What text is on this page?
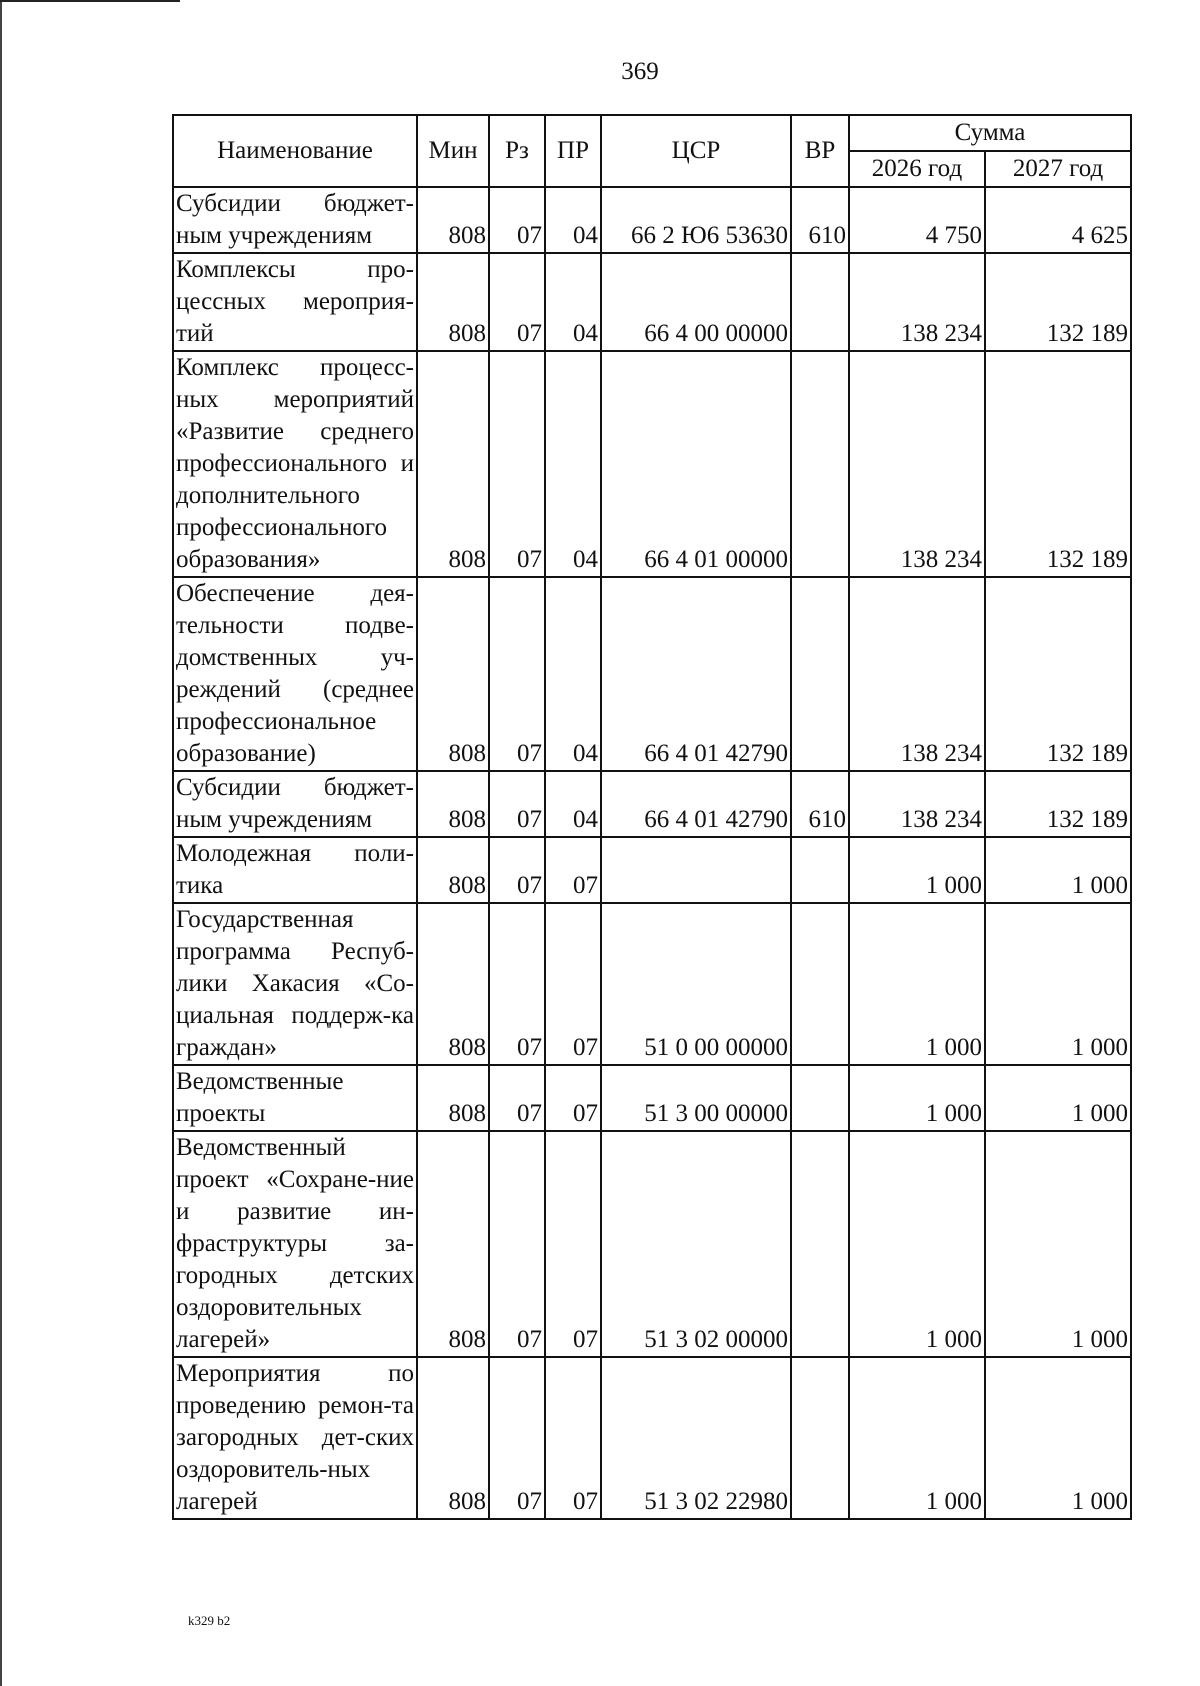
369
Наименование	Мин	Рз	ПР	ЦСР	ВР	Сумма	
						2026 год	2027 год
Субсидии бюджет-ным учреждениям	808	07	04	66 2 Ю6 53630	610	4 750	4 625
Комплексы про-цессных мероприя-тий	808	07	04	66 4 00 00000		138 234	132 189
Комплекс процесс-ных мероприятий «Развитие среднего профессионального и дополнительного профессионального образования»	808	07	04	66 4 01 00000		138 234	132 189
Обеспечение дея-тельности подве-домственных уч-реждений (среднее профессиональное образование)	808	07	04	66 4 01 42790		138 234	132 189
Субсидии бюджет-ным учреждениям	808	07	04	66 4 01 42790	610	138 234	132 189
Молодежная поли-тика	808	07	07			1 000	1 000
Государственная программа Респуб-лики Хакасия «Со-циальная поддерж-ка граждан»	808	07	07	51 0 00 00000		1 000	1 000
Ведомственные проекты	808	07	07	51 3 00 00000		1 000	1 000
Ведомственный проект «Сохране-ние и развитие ин-фраструктуры за-городных детских оздоровительных лагерей»	808	07	07	51 3 02 00000		1 000	1 000
Мероприятия по проведению ремон-та загородных дет-ских оздоровитель-ных лагерей	808	07	07	51 3 02 22980		1 000	1 000
k329 b2
